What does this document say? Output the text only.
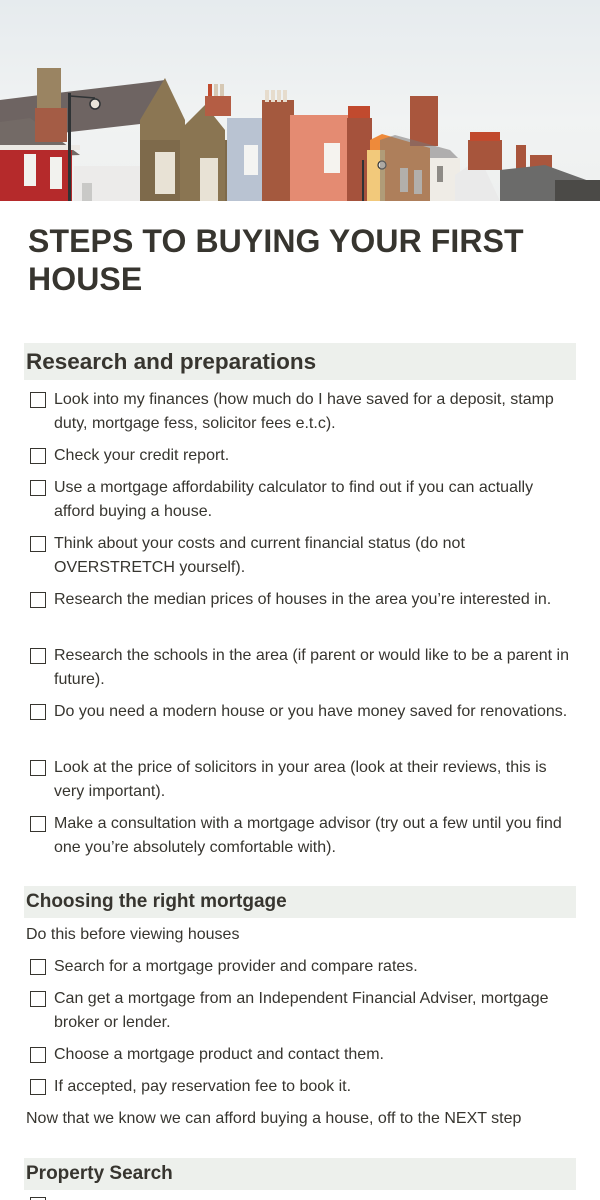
STEPS TO BUYING YOUR FIRST HOUSE
Research and preparations
Look into my finances (how much do I have saved for a deposit, stamp duty, mortgage fess, solicitor fees e.t.c).
Check your credit report.
Use a mortgage affordability calculator to find out if you can actually afford buying a house.
Think about your costs and current financial status (do not OVERSTRETCH yourself).
Research the median prices of houses in the area you’re interested in.
Research the schools in the area (if parent or would like to be a parent in future).
Do you need a modern house or you have money saved for renovations.
Look at the price of solicitors in your area (look at their reviews, this is very important).
Make a consultation with a mortgage advisor (try out a few until you find one you’re absolutely comfortable with).
Choosing the right mortgage

Do this before viewing houses

Search for a mortgage provider and compare rates.
Can get a mortgage from an Independent Financial Adviser, mortgage broker or lender.
Choose a mortgage product and contact them.
If accepted, pay reservation fee to book it.

Now that we know we can afford buying a house, off to the NEXT step

Property Search
